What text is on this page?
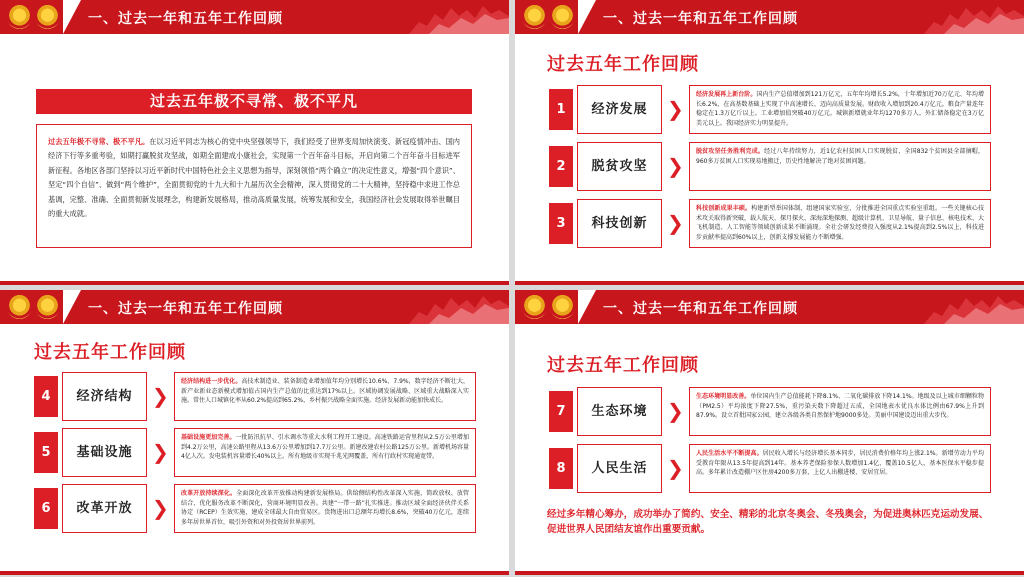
一、过去一年和五年工作回顾
过去五年极不寻常、极不平凡
过去五年极不寻常、极不平凡。在以习近平同志为核心的党中央坚强领导下，我们经受了世界变局加快演变、新冠疫情冲击、国内经济下行等多重考验，如期打赢脱贫攻坚战，如期全面建成小康社会，实现第一个百年奋斗目标，开启向第二个百年奋斗目标进军新征程。各地区各部门坚持以习近平新时代中国特色社会主义思想为指导，深刻领悟“两个确立”的决定性意义，增强“四个意识”、坚定“四个自信”、做到“两个维护”，全面贯彻党的十九大和十九届历次全会精神，深入贯彻党的二十大精神，坚持稳中求进工作总基调，完整、准确、全面贯彻新发展理念，构建新发展格局，推动高质量发展，统筹发展和安全，我国经济社会发展取得举世瞩目的重大成就。
一、过去一年和五年工作回顾
过去五年工作回顾
1	经济发展 ❯
经济发展再上新台阶。国内生产总值增加到121万亿元，五年年均增长5.2%，十年增加近70万亿元、年均增长6.2%，在高基数基础上实现了中高速增长、迈向高质量发展。财政收入增加到20.4万亿元。粮食产量连年稳定在1.3万亿斤以上。工业增加值突破40万亿元。城镇新增就业年均1270多万人。外汇储备稳定在3万亿美元以上。我国经济实力明显提升。
2	脱贫攻坚 ❯
脱贫攻坚任务胜利完成。经过八年持续努力，近1亿农村贫困人口实现脱贫，全国832个贫困县全部摘帽，960多万贫困人口实现易地搬迁，历史性地解决了绝对贫困问题。
3	科技创新 ❯
科技创新成果丰硕。构建新型举国体制，组建国家实验室，分批推进全国重点实验室重组。一些关键核心技术攻关取得新突破，载人航天、探月探火、深海深地探测、超级计算机、卫星导航、量子信息、核电技术、大飞机制造、人工智能等领域创新成果不断涌现。全社会研发经费投入强度从2.1%提高到2.5%以上，科技进步贡献率提高到60%以上，创新支撑发展能力不断增强。
一、过去一年和五年工作回顾
过去五年工作回顾
4	经济结构 ❯
经济结构进一步优化。高技术制造业、装备制造业增加值年均分别增长10.6%、7.9%，数字经济不断壮大，新产业新业态新模式增加值占国内生产总值的比重达到17%以上。区域协调发展战略、区域重大战略深入实施。常住人口城镇化率从60.2%提高到65.2%，乡村振兴战略全面实施。经济发展新动能加快成长。
5	基础设施 ❯
基础设施更加完善。一批防汛抗旱、引水调水等重大水利工程开工建设。高速铁路运营里程从2.5万公里增加到4.2万公里，高速公路里程从13.6万公里增加到17.7万公里。新建改建农村公路125万公里。新增机场容量4亿人次。发电装机容量增长40%以上。所有地级市实现千兆光网覆盖，所有行政村实现通宽带。
6	改革开放 ❯
改革开放持续深化。全面深化改革开放推动构建新发展格局。供给侧结构性改革深入实施，简政放权、放管结合、优化服务改革不断深化，营商环境明显改善。共建“一带一路”扎实推进。推动区域全面经济伙伴关系协定（RCEP）生效实施，建成全球最大自由贸易区。货物进出口总额年均增长8.6%，突破40万亿元，连续多年居世界首位，吸引外资和对外投资居世界前列。
一、过去一年和五年工作回顾
过去五年工作回顾
7	生态环境 ❯
生态环境明显改善。单位国内生产总值能耗下降8.1%、二氧化碳排放下降14.1%。地级及以上城市细颗粒物（PM2.5）平均浓度下降27.5%，重污染天数下降超过五成，全国地表水优良水体比例由67.9%上升到87.9%。设立首批国家公园，建立各级各类自然保护地9000多处。美丽中国建设迈出重大步伐。
8	人民生活 ❯
人民生活水平不断提高。居民收入增长与经济增长基本同步，居民消费价格年均上涨2.1%。新增劳动力平均受教育年限从13.5年提高到14年。基本养老保险参保人数增加1.4亿、覆盖10.5亿人，基本医保水平稳步提高。多年累计改造棚户区住房4200多万套，上亿人出棚进楼、安居宜居。
经过多年精心筹办，成功举办了简约、安全、精彩的北京冬奥会、冬残奥会，为促进奥林匹克运动发展、促进世界人民团结友谊作出重要贡献。
